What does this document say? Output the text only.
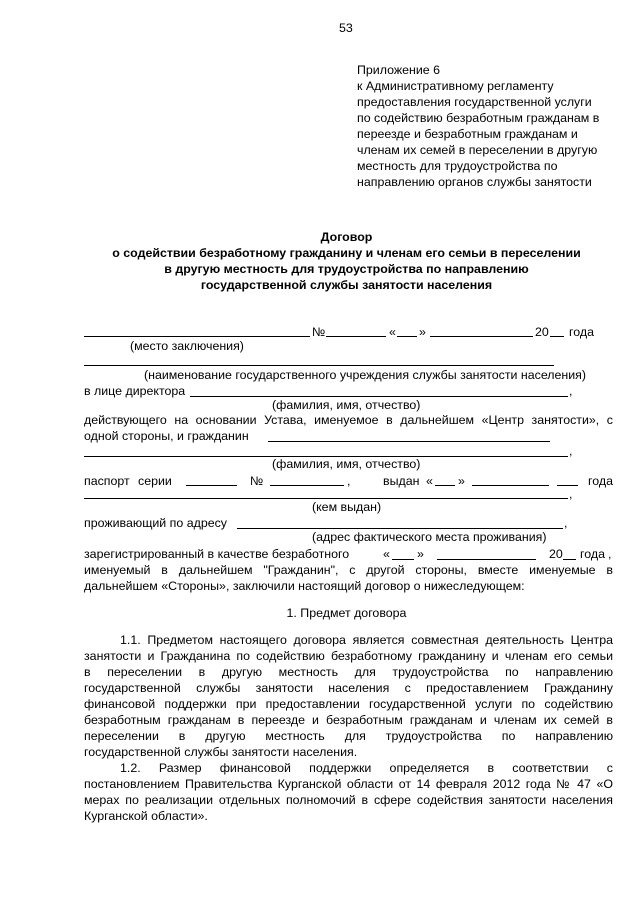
53
Приложение 6
к Административному регламенту
предоставления государственной услуги
по содействию безработным гражданам в
переезде и безработным гражданам и
членам их семей в переселении в другую
местность для трудоустройства по
направлению органов службы занятости
Договор
о содействии безработному гражданину и членам его семьи в переселении
в другую местность для трудоустройства по направлению
государственной службы занятости населения
№	« »	20 года
(место заключения)
(наименование государственного учреждения службы занятости населения)
в лице директора	,
(фамилия, имя, отчество)
действующего на основании Устава, именуемое в дальнейшем «Центр занятости», с
одной стороны, и гражданин
,
(фамилия, имя, отчество)
паспорт серии	№	,	выдан « »	года
,
(кем выдан)
проживающий по адресу	,
(адрес фактического места проживания)
зарегистрированный в качестве безработного	« »	20 года ,
именуемый в дальнейшем "Гражданин", с другой стороны, вместе именуемые в
дальнейшем «Стороны», заключили настоящий договор о нижеследующем:
1. Предмет договора
1.1. Предметом настоящего договора является совместная деятельность Центра
занятости и Гражданина по содействию безработному гражданину и членам его семьи
в переселении в другую местность для трудоустройства по направлению
государственной службы занятости населения с предоставлением Гражданину
финансовой поддержки при предоставлении государственной услуги по содействию
безработным гражданам в переезде и безработным гражданам и членам их семей в
переселении в другую местность для трудоустройства по направлению
государственной службы занятости населения.
1.2. Размер финансовой поддержки определяется в соответствии с
постановлением Правительства Курганской области от 14 февраля 2012 года № 47 «О
мерах по реализации отдельных полномочий в сфере содействия занятости населения
Курганской области».
